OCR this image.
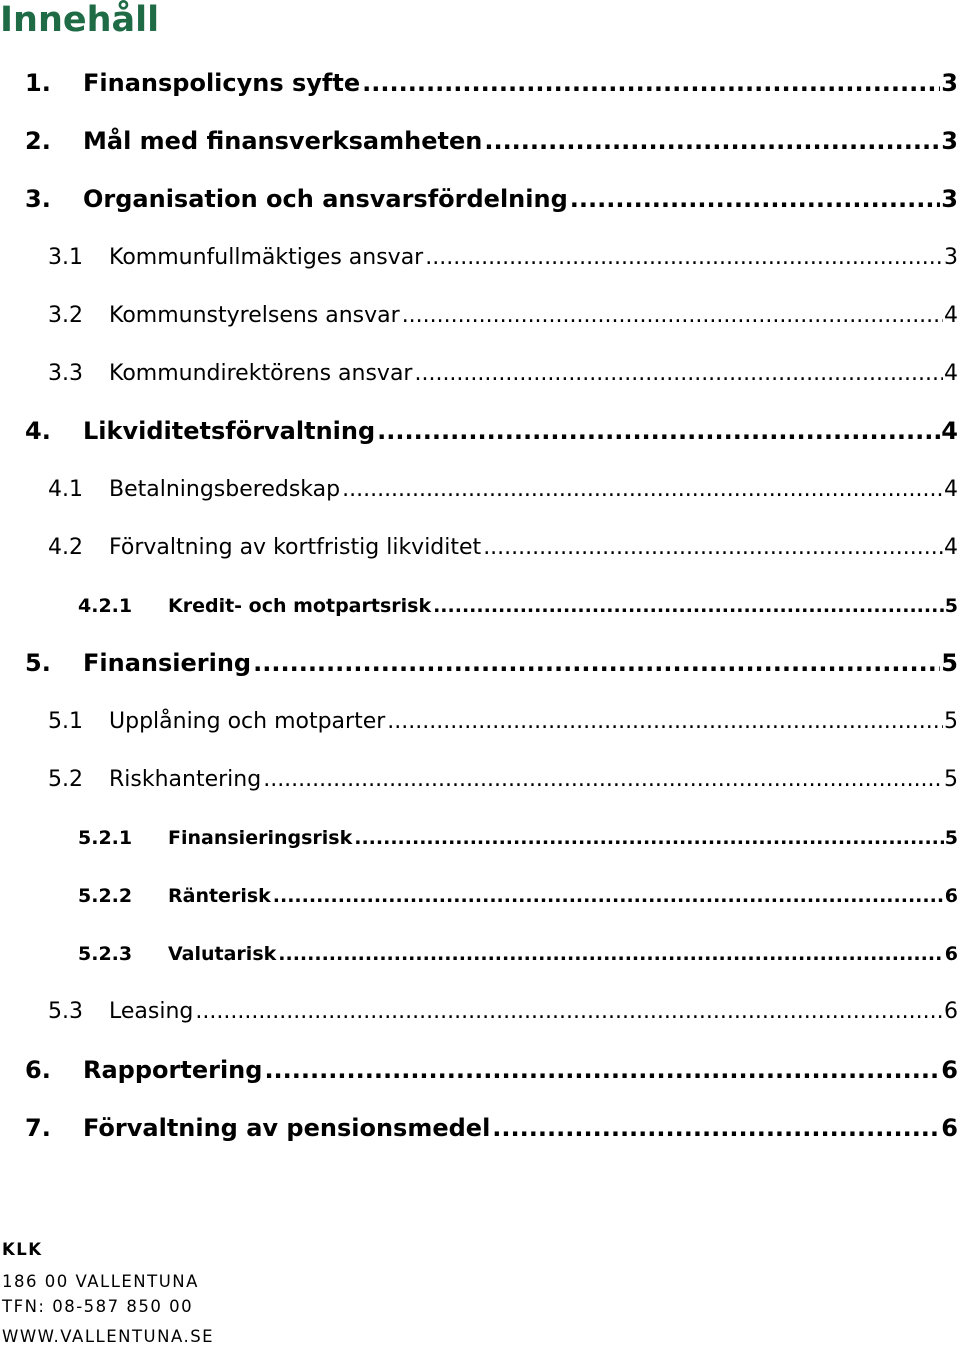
Innehåll
1.	Finanspolicyns syfte .....	3
2.	Mål med finansverksamheten .....	3
3.	Organisation och ansvarsfördelning .....	3
3.1	Kommunfullmäktiges ansvar .....	3
3.2	Kommunstyrelsens ansvar .....	4
3.3	Kommundirektörens ansvar .....	4
4.	Likviditetsförvaltning .....	4
4.1	Betalningsberedskap .....	4
4.2	Förvaltning av kortfristig likviditet .....	4
4.2.1	Kredit- och motpartsrisk .....	5
5.	Finansiering .....	5
5.1	Upplåning och motparter .....	5
5.2	Riskhantering .....	5
5.2.1	Finansieringsrisk .....	5
5.2.2	Ränterisk .....	6
5.2.3	Valutarisk .....	6
5.3	Leasing .....	6
6.	Rapportering .....	6
7.	Förvaltning av pensionsmedel .....	6
KLK
186 00 VALLENTUNA
TFN: 08-587 850 00
WWW.VALLENTUNA.SE
